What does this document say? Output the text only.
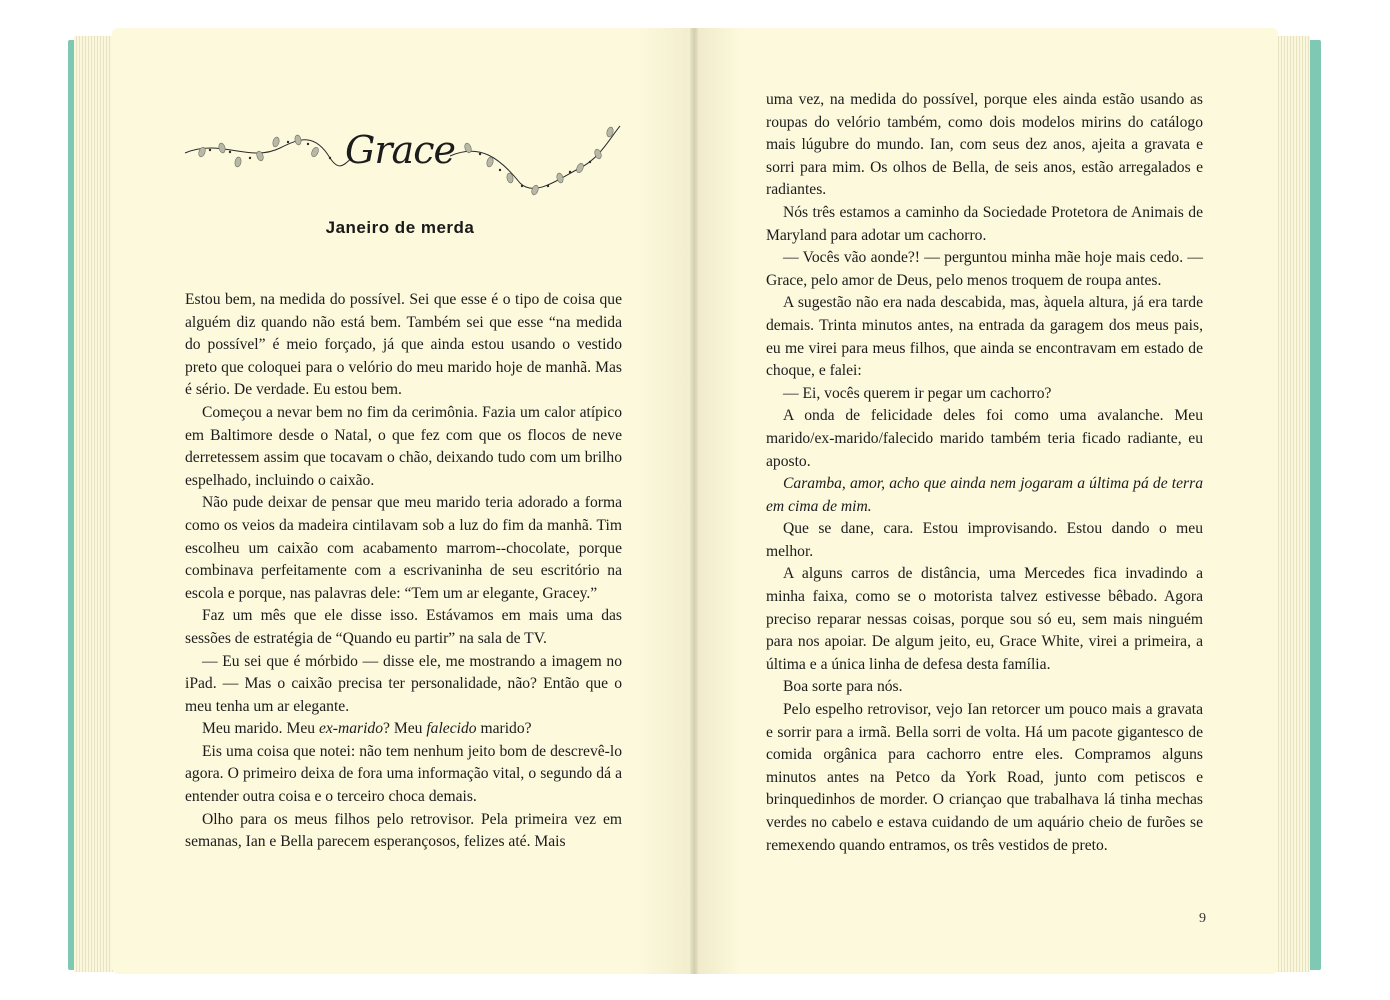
Grace
Janeiro de merda

Estou bem, na medida do possível. Sei que esse é o tipo de coisa que alguém diz quando não está bem. Também sei que esse “na medida do possível” é meio forçado, já que ainda estou usando o vestido preto que coloquei para o velório do meu marido hoje de manhã. Mas é sério. De verdade. Eu estou bem.

Começou a nevar bem no fim da cerimônia. Fazia um calor atípico em Baltimore desde o Natal, o que fez com que os flocos de neve derretessem assim que tocavam o chão, deixando tudo com um brilho espelhado, incluindo o caixão.

Não pude deixar de pensar que meu marido teria adorado a forma como os veios da madeira cintilavam sob a luz do fim da manhã. Tim escolheu um caixão com acabamento marrom--chocolate, porque combinava perfeitamente com a escrivaninha de seu escritório na escola e porque, nas palavras dele: “Tem um ar elegante, Gracey.”

Faz um mês que ele disse isso. Estávamos em mais uma das sessões de estratégia de “Quando eu partir” na sala de TV.

— Eu sei que é mórbido — disse ele, me mostrando a imagem no iPad. — Mas o caixão precisa ter personalidade, não? Então que o meu tenha um ar elegante.

Meu marido. Meu ex-marido? Meu falecido marido?

Eis uma coisa que notei: não tem nenhum jeito bom de descrevê-lo agora. O primeiro deixa de fora uma informação vital, o segundo dá a entender outra coisa e o terceiro choca demais.

Olho para os meus filhos pelo retrovisor. Pela primeira vez em semanas, Ian e Bella parecem esperançosos, felizes até. Mais

uma vez, na medida do possível, porque eles ainda estão usando as roupas do velório também, como dois modelos mirins do catálogo mais lúgubre do mundo. Ian, com seus dez anos, ajeita a gravata e sorri para mim. Os olhos de Bella, de seis anos, estão arregalados e radiantes.

Nós três estamos a caminho da Sociedade Protetora de Animais de Maryland para adotar um cachorro.

— Vocês vão aonde?! — perguntou minha mãe hoje mais cedo. — Grace, pelo amor de Deus, pelo menos troquem de roupa antes.

A sugestão não era nada descabida, mas, àquela altura, já era tarde demais. Trinta minutos antes, na entrada da garagem dos meus pais, eu me virei para meus filhos, que ainda se encontravam em estado de choque, e falei:

— Ei, vocês querem ir pegar um cachorro?

A onda de felicidade deles foi como uma avalanche. Meu marido/ex-marido/falecido marido também teria ficado radiante, eu aposto.

Caramba, amor, acho que ainda nem jogaram a última pá de terra em cima de mim.

Que se dane, cara. Estou improvisando. Estou dando o meu melhor.

A alguns carros de distância, uma Mercedes fica invadindo a minha faixa, como se o motorista talvez estivesse bêbado. Agora preciso reparar nessas coisas, porque sou só eu, sem mais ninguém para nos apoiar. De algum jeito, eu, Grace White, virei a primeira, a última e a única linha de defesa desta família.

Boa sorte para nós.

Pelo espelho retrovisor, vejo Ian retorcer um pouco mais a gravata e sorrir para a irmã. Bella sorri de volta. Há um pacote gigantesco de comida orgânica para cachorro entre eles. Compramos alguns minutos antes na Petco da York Road, junto com petiscos e brinquedinhos de morder. O criançao que trabalhava lá tinha mechas verdes no cabelo e estava cuidando de um aquário cheio de furões se remexendo quando entramos, os três vestidos de preto.

9
